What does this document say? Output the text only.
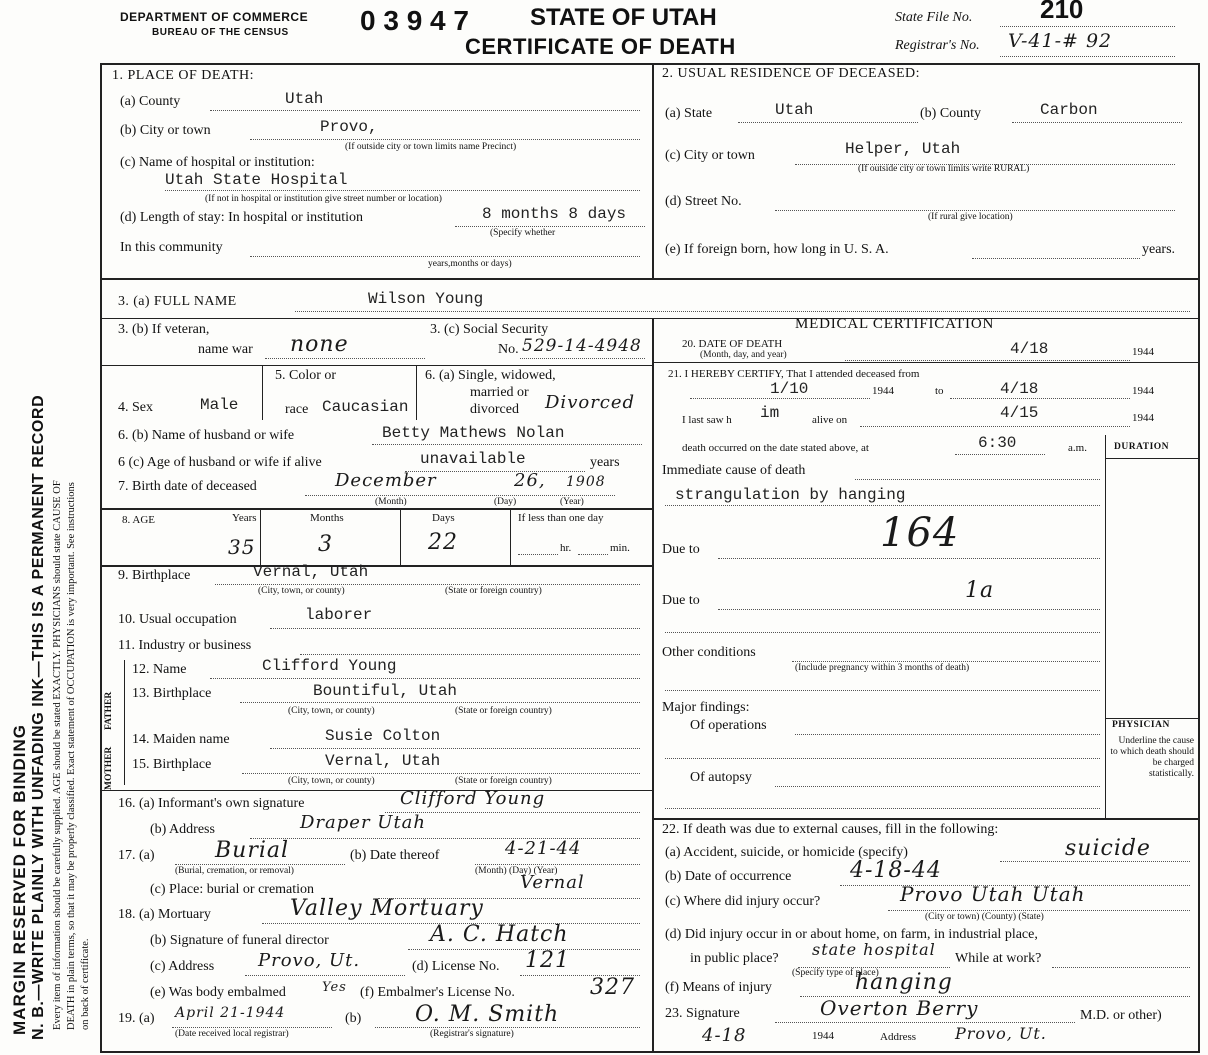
MARGIN RESERVED FOR BINDING N. B.—WRITE PLAINLY WITH UNFADING INK—THIS IS A PERMANENT RECORD Every item of information should be carefully supplied. AGE should be stated EXACTLY. PHYSICIANS should state CAUSE OF DEATH in plain terms, so that it may be properly classified. Exact statement of OCCUPATION is very important. See instructions on back of certificate.
DEPARTMENT OF COMMERCE
BUREAU OF THE CENSUS	0 3 9 4 7	STATE OF UTAH
CERTIFICATE OF DEATH
State File No.	210
Registrar's No. V-41-# 92
1. PLACE OF DEATH:
(a) County	Utah
(b) City or town	Provo,
(If outside city or town limits name Precinct)
(c) Name of hospital or institution:
Utah State Hospital
(If not in hospital or institution give street number or location)
(d) Length of stay: In hospital or institution	8 months 8 days
(Specify whether
In this community
years,months or days)
2. USUAL RESIDENCE OF DECEASED:
(a) State	Utah	(b) County	Carbon
(c) City or town	Helper, Utah
(If outside city or town limits write RURAL)
(d) Street No.
(If rural give location)
(e) If foreign born, how long in U. S. A.	years.
3. (a) FULL NAME	Wilson Young
MEDICAL CERTIFICATION
3. (b) If veteran,
name war none
3. (c) Social Security
No. 529-14-4948
4. Sex	Male
5. Color or
race Caucasian
6. (a) Single, widowed,
married or
divorced Divorced
6. (b) Name of husband or wife	Betty Mathews Nolan
6 (c) Age of husband or wife if alive	unavailable	years
7. Birth date of deceased	December	26, 1908
(Month)	(Day)	(Year)
8. AGE	Years	Months	Days	If less than one day
35	3	22	hr.	min.
9. Birthplace	Vernal, Utah
(City, town, or county)	(State or foreign country)
10. Usual occupation	laborer
11. Industry or business
FATHER
MOTHER
12. Name	Clifford Young
13. Birthplace	Bountiful, Utah
(City, town, or county)	(State or foreign country)
14. Maiden name	Susie Colton
15. Birthplace	Vernal, Utah
(City, town, or county)	(State or foreign country)
16. (a) Informant's own signature	Clifford Young
(b) Address	Draper Utah
17. (a)	Burial
(Burial, cremation, or removal)
(b) Date thereof	4-21-44
(Month) (Day) (Year)
(c) Place: burial or cremation	Vernal
18. (a) Mortuary	Valley Mortuary
(b) Signature of funeral director	A. C. Hatch
(c) Address Provo, Ut.	(d) License No. 121
(e) Was body embalmed	Yes (f) Embalmer's License No.	327
19. (a) April 21-1944
(Date received local registrar)
(b) O. M. Smith
(Registrar's signature)
20. DATE OF DEATH
(Month, day, and year)	4/18	1944
21. I HEREBY CERTIFY, That I attended deceased from
1/10	1944	to	4/18	1944
I last saw h im	alive on	4/15	1944
death occurred on the date stated above, at	6:30	a.m.	DURATION
Immediate cause of death
strangulation by hanging
Due to	164
Due to	1a
Other conditions
(Include pregnancy within 3 months of death)
Major findings:
Of operations
Of autopsy
PHYSICIAN
Underline the cause to which death should be charged statistically.
22. If death was due to external causes, fill in the following:
(a) Accident, suicide, or homicide (specify)	suicide
(b) Date of occurrence	4-18-44
(c) Where did injury occur?	Provo Utah Utah
(City or town) (County) (State)
(d) Did injury occur in or about home, on farm, in industrial place,
in public place? state hospital
(Specify type of place)
While at work?
(f) Means of injury	hanging
23. Signature	Overton Berry	M.D. or other)
4-18	1944	Address Provo, Ut.
